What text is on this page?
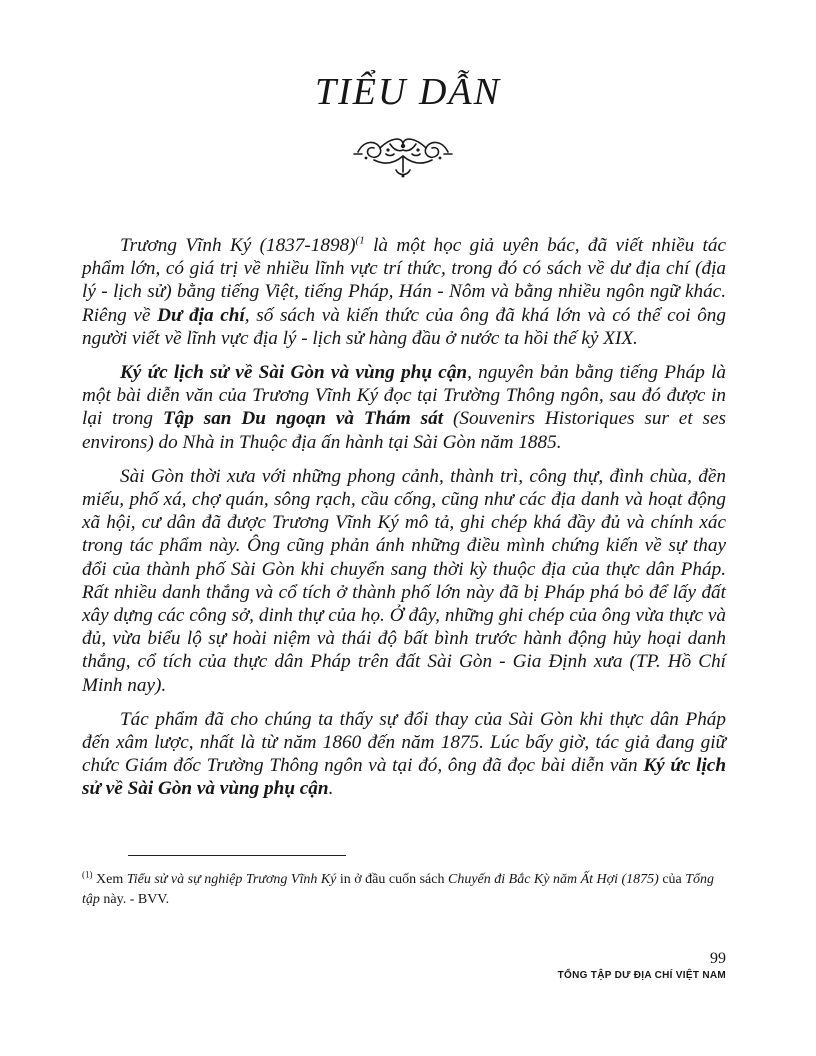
TIỂU DẪN

Trương Vĩnh Ký (1837-1898)$^{(1}$ là một học giả uyên bác, đã viết nhiều tác phẩm lớn, có giá trị về nhiều lĩnh vực trí thức, trong đó có sách về dư địa chí (địa lý - lịch sử) bằng tiếng Việt, tiếng Pháp, Hán - Nôm và bằng nhiều ngôn ngữ khác. Riêng về Dư địa chí, số sách và kiến thức của ông đã khá lớn và có thể coi ông người viết về lĩnh vực địa lý - lịch sử hàng đầu ở nước ta hồi thế kỷ XIX.

Ký ức lịch sử về Sài Gòn và vùng phụ cận, nguyên bản bằng tiếng Pháp là một bài diễn văn của Trương Vĩnh Ký đọc tại Trường Thông ngôn, sau đó được in lại trong Tập san Du ngoạn và Thám sát (Souvenirs Historiques sur et ses environs) do Nhà in Thuộc địa ấn hành tại Sài Gòn năm 1885.

Sài Gòn thời xưa với những phong cảnh, thành trì, công thự, đình chùa, đền miếu, phố xá, chợ quán, sông rạch, cầu cống, cũng như các địa danh và hoạt động xã hội, cư dân đã được Trương Vĩnh Ký mô tả, ghi chép khá đầy đủ và chính xác trong tác phẩm này. Ông cũng phản ánh những điều mình chứng kiến về sự thay đổi của thành phố Sài Gòn khi chuyển sang thời kỳ thuộc địa của thực dân Pháp. Rất nhiều danh thắng và cổ tích ở thành phố lớn này đã bị Pháp phá bỏ để lấy đất xây dựng các công sở, dinh thự của họ. Ở đây, những ghi chép của ông vừa thực và đủ, vừa biểu lộ sự hoài niệm và thái độ bất bình trước hành động hủy hoại danh thắng, cổ tích của thực dân Pháp trên đất Sài Gòn - Gia Định xưa (TP. Hồ Chí Minh nay).

Tác phẩm đã cho chúng ta thấy sự đổi thay của Sài Gòn khi thực dân Pháp đến xâm lược, nhất là từ năm 1860 đến năm 1875. Lúc bấy giờ, tác giả đang giữ chức Giám đốc Trường Thông ngôn và tại đó, ông đã đọc bài diễn văn Ký ức lịch sử về Sài Gòn và vùng phụ cận.

$^{(1)}$ Xem Tiểu sử và sự nghiệp Trương Vĩnh Ký in ở đầu cuốn sách Chuyến đi Bắc Kỳ năm Ất Hợi (1875) của Tổng tập này. - BVV.
99
TỔNG TẬP DƯ ĐỊA CHÍ VIỆT NAM
